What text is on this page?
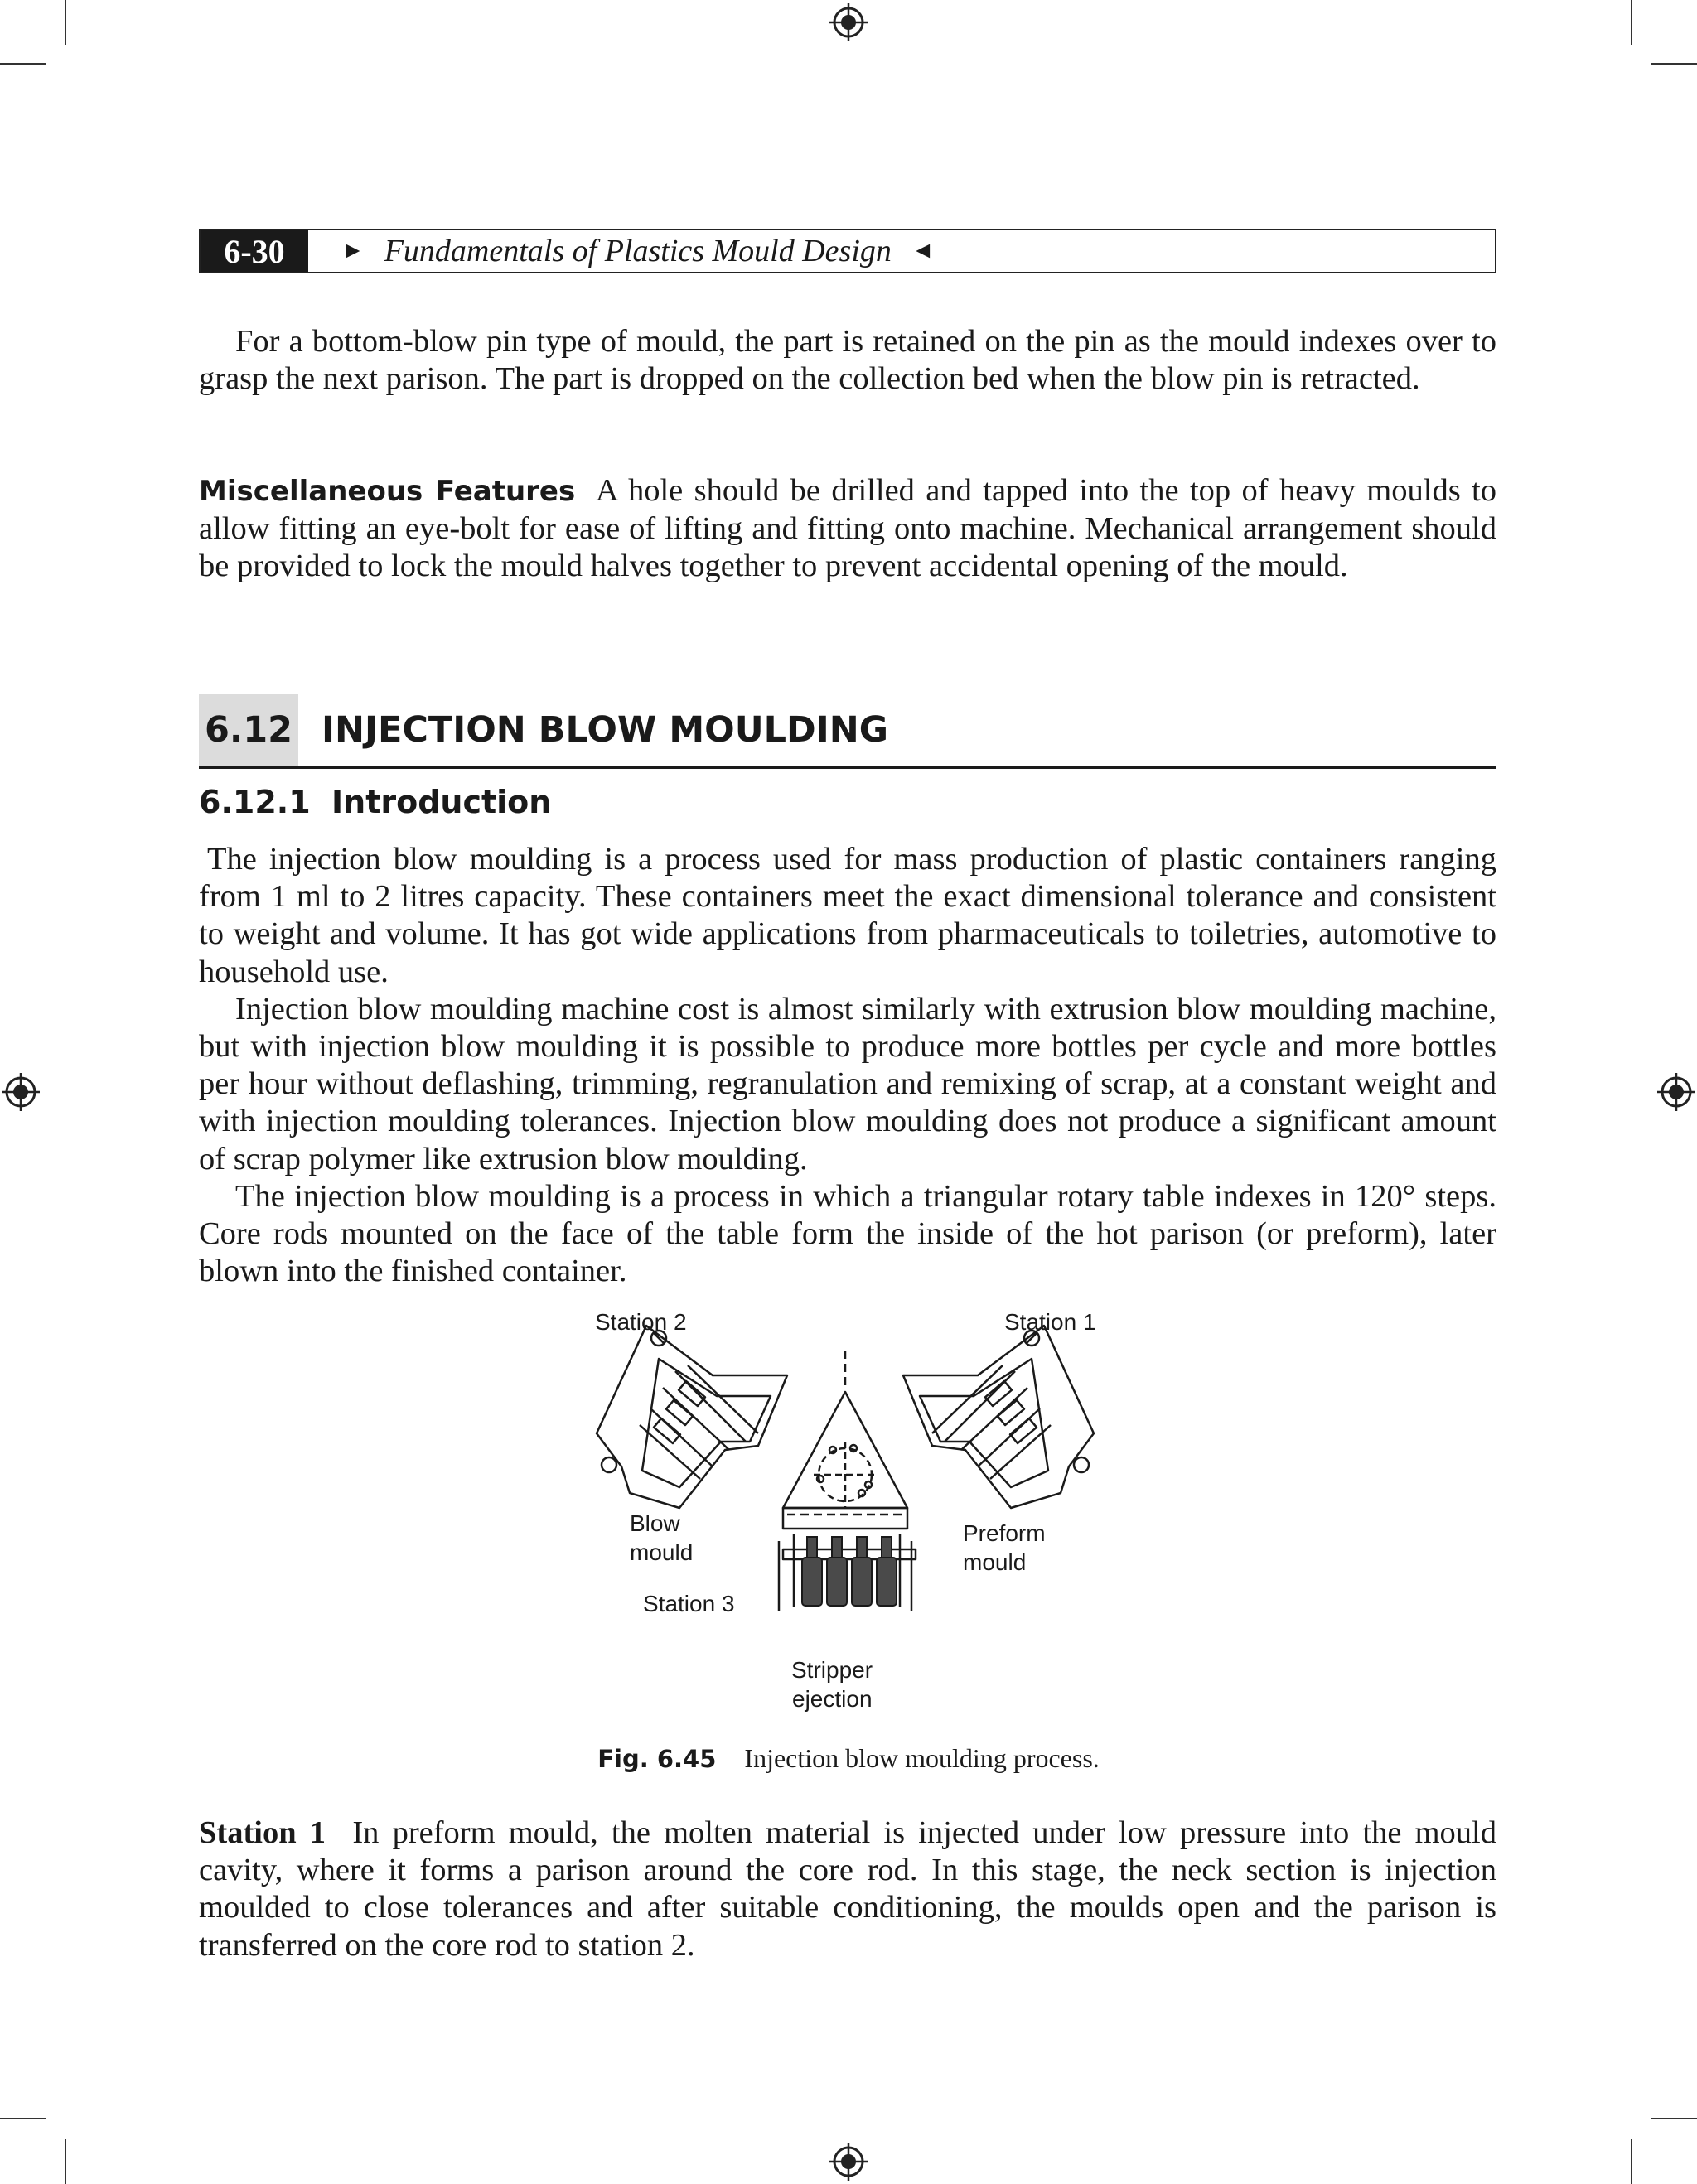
6-30	► Fundamentals of Plastics Mould Design ◄

For a bottom-blow pin type of mould, the part is retained on the pin as the mould indexes over to grasp the next parison. The part is dropped on the collection bed when the blow pin is retracted.

Miscellaneous Features A hole should be drilled and tapped into the top of heavy moulds to allow fitting an eye-bolt for ease of lifting and fitting onto machine. Mechanical arrangement should be provided to lock the mould halves together to prevent accidental opening of the mould.

6.12 INJECTION BLOW MOULDING
6.12.1 Introduction

The injection blow moulding is a process used for mass production of plastic containers ranging from 1 ml to 2 litres capacity. These containers meet the exact dimensional tolerance and consistent to weight and volume. It has got wide applications from pharmaceuticals to toiletries, automotive to household use.

Injection blow moulding machine cost is almost similarly with extrusion blow moulding machine, but with injection blow moulding it is possible to produce more bottles per cycle and more bottles per hour without deflashing, trimming, regranulation and remixing of scrap, at a constant weight and with injection moulding tolerances. Injection blow moulding does not produce a significant amount of scrap polymer like extrusion blow moulding.

The injection blow moulding is a process in which a triangular rotary table indexes in 120° steps. Core rods mounted on the face of the table form the inside of the hot parison (or preform), later blown into the finished container.

Station 2	Station 1
Blow
mould
Preform
mould
Station 3
Stripper
ejection
Fig. 6.45 Injection blow moulding process.

Station 1 In preform mould, the molten material is injected under low pressure into the mould cavity, where it forms a parison around the core rod. In this stage, the neck section is injection moulded to close tolerances and after suitable conditioning, the moulds open and the parison is transferred on the core rod to station 2.
